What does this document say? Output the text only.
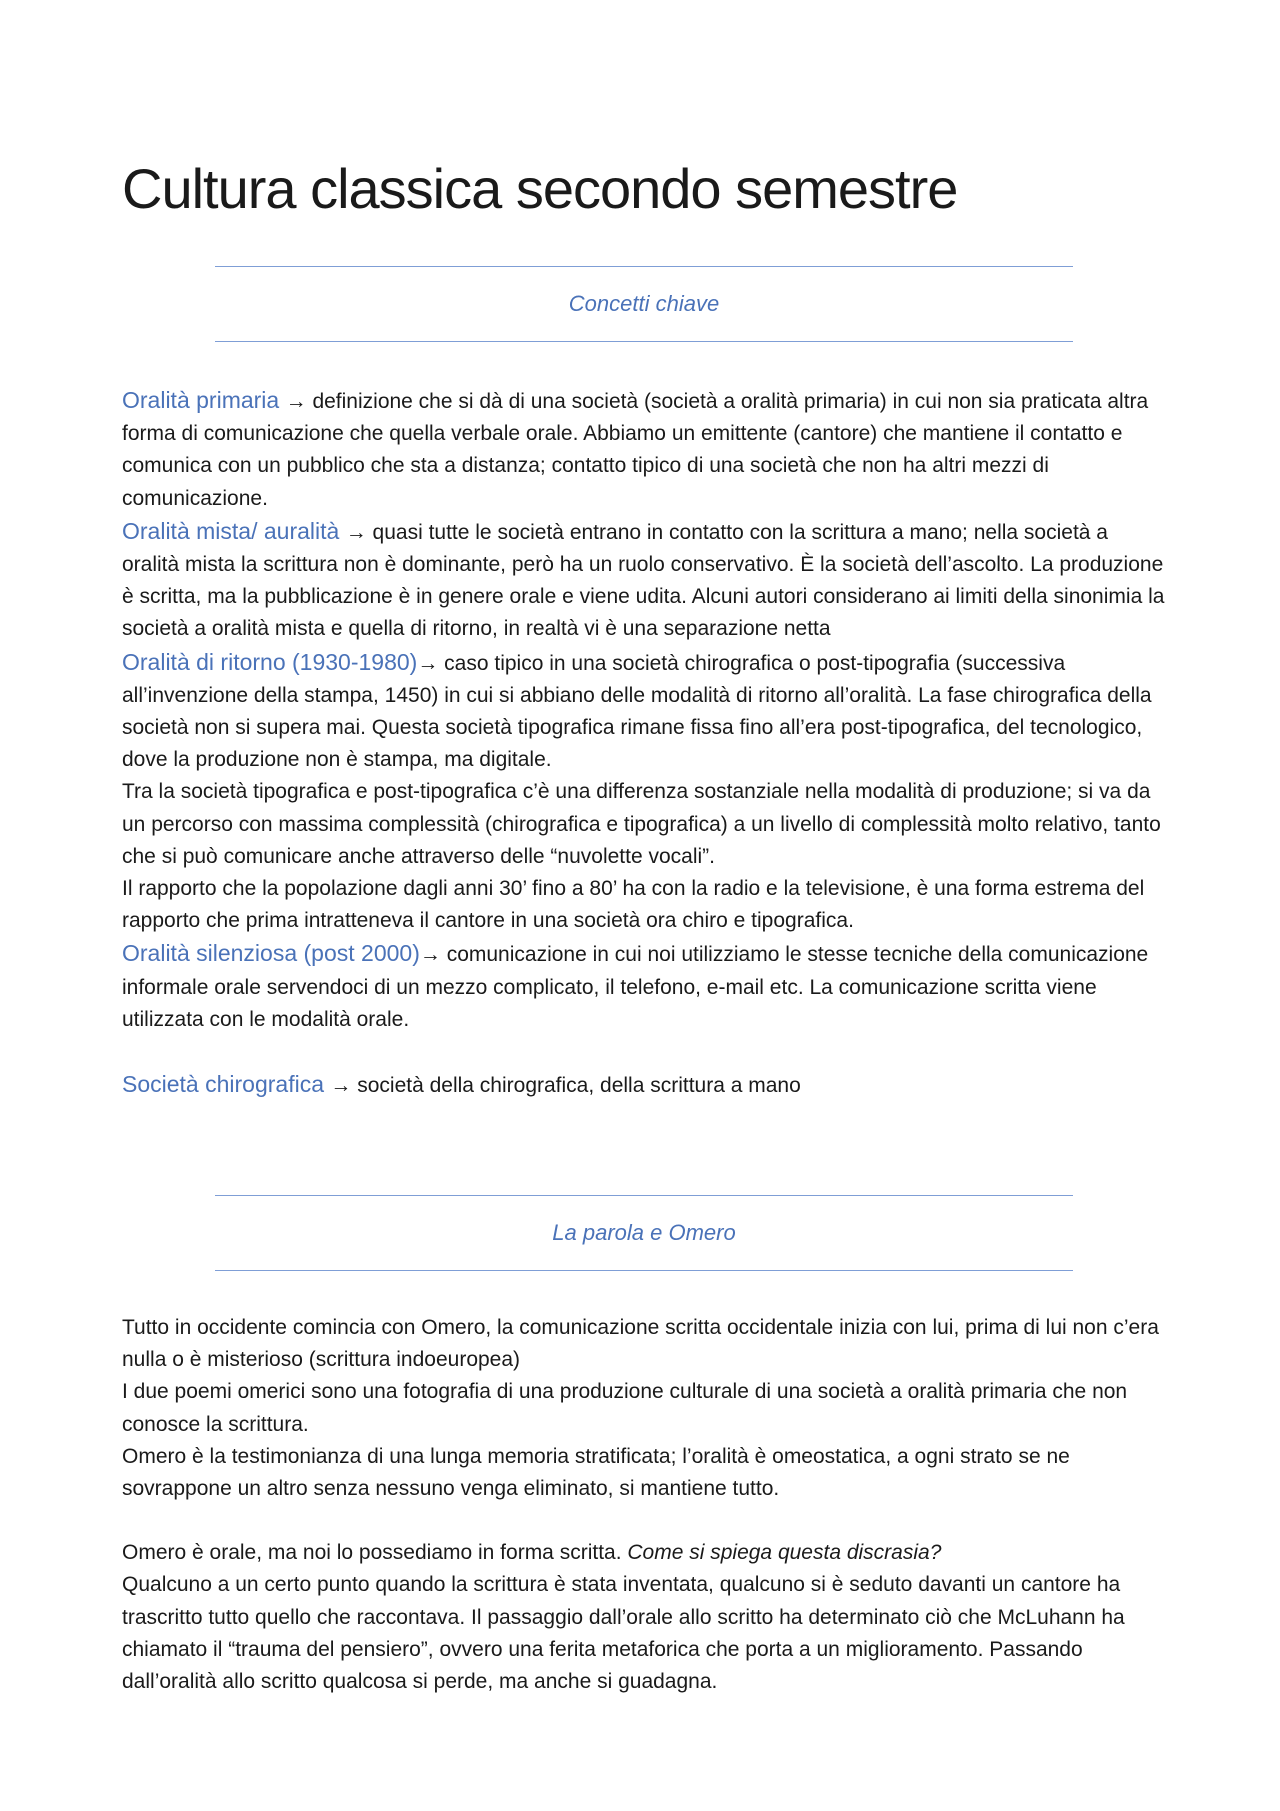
Cultura classica secondo semestre
Concetti chiave

Oralità primaria → definizione che si dà di una società (società a oralità primaria) in cui non sia praticata altra forma di comunicazione che quella verbale orale. Abbiamo un emittente (cantore) che mantiene il contatto e comunica con un pubblico che sta a distanza; contatto tipico di una società che non ha altri mezzi di comunicazione.

Oralità mista/ auralità → quasi tutte le società entrano in contatto con la scrittura a mano; nella società a oralità mista la scrittura non è dominante, però ha un ruolo conservativo. È la società dell’ascolto. La produzione è scritta, ma la pubblicazione è in genere orale e viene udita. Alcuni autori considerano ai limiti della sinonimia la società a oralità mista e quella di ritorno, in realtà vi è una separazione netta

Oralità di ritorno (1930-1980)→ caso tipico in una società chirografica o post-tipografia (successiva all’invenzione della stampa, 1450) in cui si abbiano delle modalità di ritorno all’oralità. La fase chirografica della società non si supera mai. Questa società tipografica rimane fissa fino all’era post-tipografica, del tecnologico, dove la produzione non è stampa, ma digitale.

Tra la società tipografica e post-tipografica c’è una differenza sostanziale nella modalità di produzione; si va da un percorso con massima complessità (chirografica e tipografica) a un livello di complessità molto relativo, tanto che si può comunicare anche attraverso delle “nuvolette vocali”.

Il rapporto che la popolazione dagli anni 30’ fino a 80’ ha con la radio e la televisione, è una forma estrema del rapporto che prima intratteneva il cantore in una società ora chiro e tipografica.

Oralità silenziosa (post 2000)→ comunicazione in cui noi utilizziamo le stesse tecniche della comunicazione informale orale servendoci di un mezzo complicato, il telefono, e-mail etc. La comunicazione scritta viene utilizzata con le modalità orale.

Società chirografica → società della chirografica, della scrittura a mano

La parola e Omero

Tutto in occidente comincia con Omero, la comunicazione scritta occidentale inizia con lui, prima di lui non c’era nulla o è misterioso (scrittura indoeuropea)

I due poemi omerici sono una fotografia di una produzione culturale di una società a oralità primaria che non conosce la scrittura.

Omero è la testimonianza di una lunga memoria stratificata; l’oralità è omeostatica, a ogni strato se ne sovrappone un altro senza nessuno venga eliminato, si mantiene tutto.

Omero è orale, ma noi lo possediamo in forma scritta. Come si spiega questa discrasia?

Qualcuno a un certo punto quando la scrittura è stata inventata, qualcuno si è seduto davanti un cantore ha trascritto tutto quello che raccontava. Il passaggio dall’orale allo scritto ha determinato ciò che McLuhann ha chiamato il “trauma del pensiero”, ovvero una ferita metaforica che porta a un miglioramento. Passando dall’oralità allo scritto qualcosa si perde, ma anche si guadagna.
